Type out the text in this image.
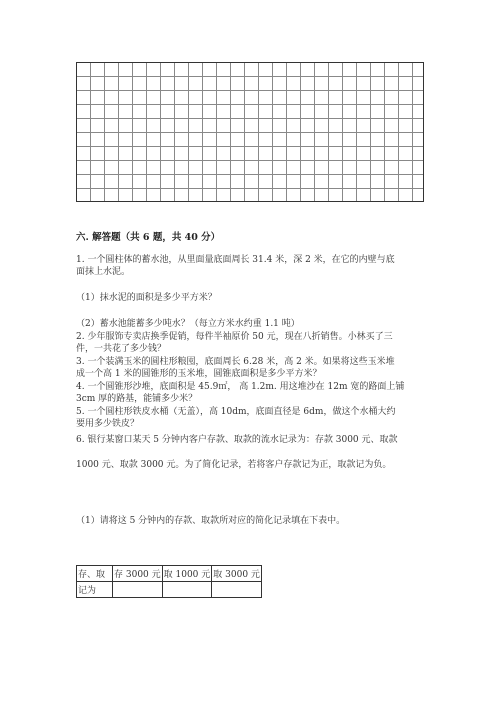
六. 解答题（共 6 题，共 40 分）
1. 一个圆柱体的蓄水池，从里面量底面周长 31.4 米，深 2 米，在它的内壁与底
面抹上水泥。
（1）抹水泥的面积是多少平方米？
（2）蓄水池能蓄多少吨水？（每立方米水约重 1.1 吨）
2. 少年服饰专卖店换季促销，每件半袖原价 50 元，现在八折销售。小林买了三
件，一共花了多少钱？
3. 一个装满玉米的圆柱形粮囤，底面周长 6.28 米，高 2 米。如果将这些玉米堆
成一个高 1 米的圆锥形的玉米堆，圆锥底面积是多少平方米？
4. 一个圆锥形沙堆，底面积是 45.9㎡， 高 1.2m. 用这堆沙在 12m 宽的路面上铺
3cm 厚的路基，能铺多少米？
5. 一个圆柱形铁皮水桶（无盖），高 10dm，底面直径是 6dm，做这个水桶大约
要用多少铁皮？
6. 银行某窗口某天 5 分钟内客户存款、取款的流水记录为：存款 3000 元、取款
1000 元、取款 3000 元。为了简化记录，若将客户存款记为正，取款记为负。
（1）请将这 5 分钟内的存款、取款所对应的简化记录填在下表中。
存、取	存 3000 元	取 1000 元	取 3000 元
记为			
